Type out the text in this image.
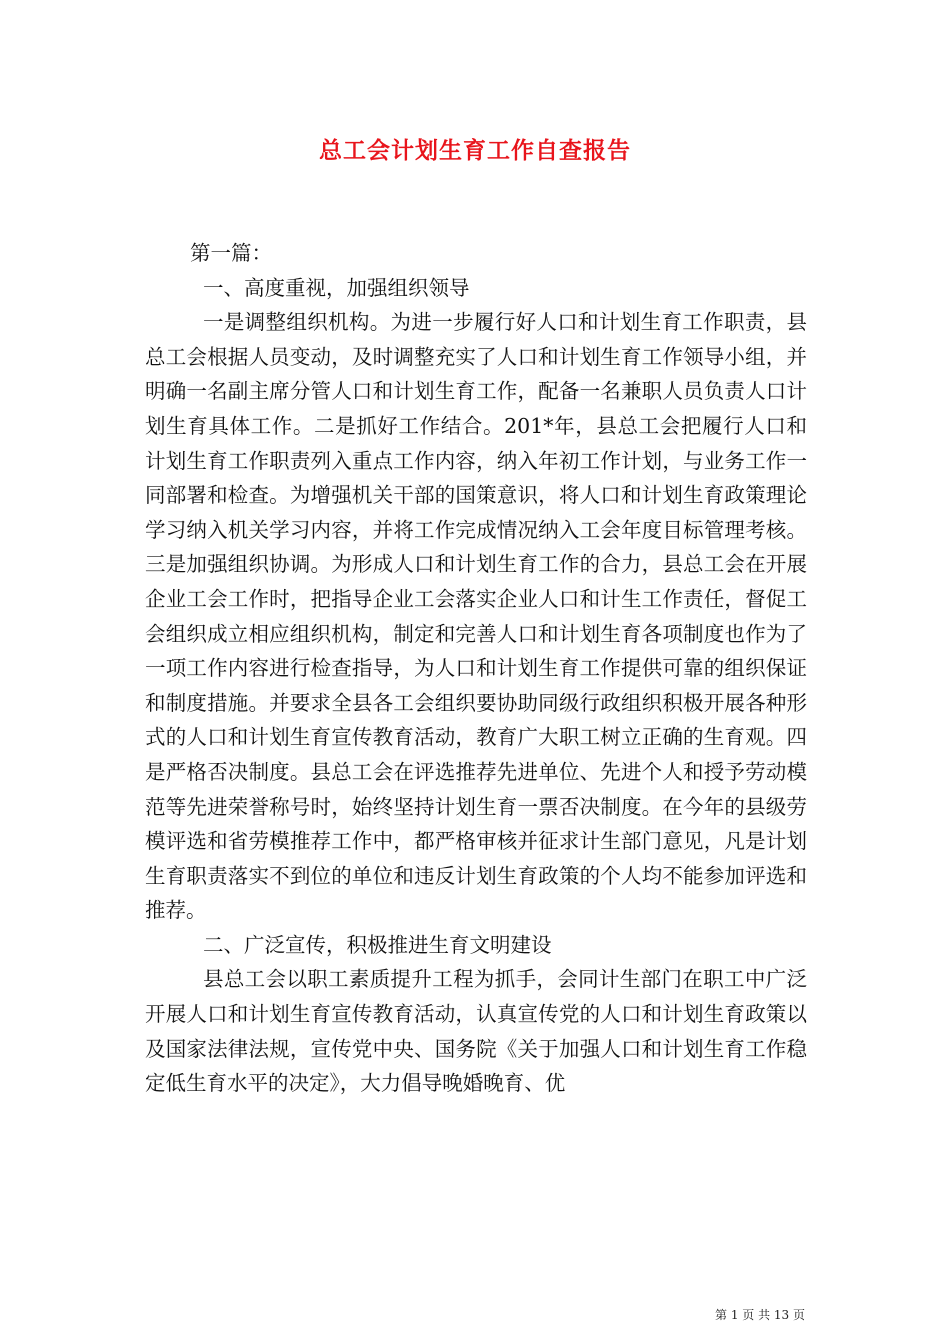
总工会计划生育工作自查报告

第一篇：

一、高度重视，加强组织领导

一是调整组织机构。为进一步履行好人口和计划生育工作职责，县总工会根据人员变动，及时调整充实了人口和计划生育工作领导小组，并明确一名副主席分管人口和计划生育工作，配备一名兼职人员负责人口计划生育具体工作。二是抓好工作结合。201*年，县总工会把履行人口和计划生育工作职责列入重点工作内容，纳入年初工作计划，与业务工作一同部署和检查。为增强机关干部的国策意识，将人口和计划生育政策理论学习纳入机关学习内容，并将工作完成情况纳入工会年度目标管理考核。三是加强组织协调。为形成人口和计划生育工作的合力，县总工会在开展企业工会工作时，把指导企业工会落实企业人口和计生工作责任，督促工会组织成立相应组织机构，制定和完善人口和计划生育各项制度也作为了一项工作内容进行检查指导，为人口和计划生育工作提供可靠的组织保证和制度措施。并要求全县各工会组织要协助同级行政组织积极开展各种形式的人口和计划生育宣传教育活动，教育广大职工树立正确的生育观。四是严格否决制度。县总工会在评选推荐先进单位、先进个人和授予劳动模范等先进荣誉称号时，始终坚持计划生育一票否决制度。在今年的县级劳模评选和省劳模推荐工作中，都严格审核并征求计生部门意见，凡是计划生育职责落实不到位的单位和违反计划生育政策的个人均不能参加评选和推荐。

二、广泛宣传，积极推进生育文明建设

县总工会以职工素质提升工程为抓手，会同计生部门在职工中广泛开展人口和计划生育宣传教育活动，认真宣传党的人口和计划生育政策以及国家法律法规，宣传党中央、国务院《关于加强人口和计划生育工作稳定低生育水平的决定》，大力倡导晚婚晚育、优

第 1 页 共 13 页
